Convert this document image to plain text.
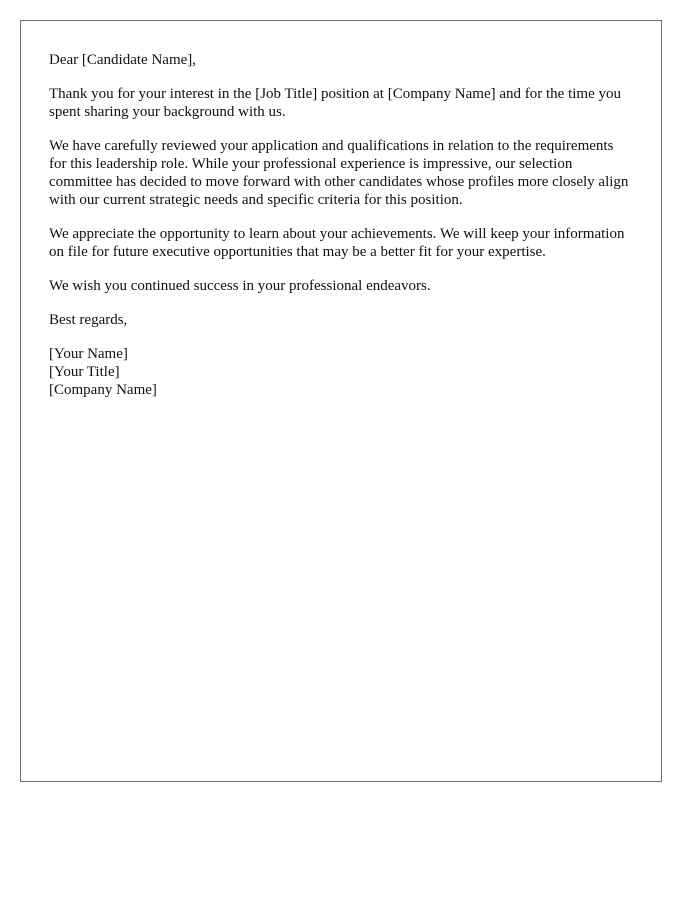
Dear [Candidate Name],

Thank you for your interest in the [Job Title] position at [Company Name] and for the time you spent sharing your background with us.

We have carefully reviewed your application and qualifications in relation to the requirements for this leadership role. While your professional experience is impressive, our selection committee has decided to move forward with other candidates whose profiles more closely align with our current strategic needs and specific criteria for this position.

We appreciate the opportunity to learn about your achievements. We will keep your information on file for future executive opportunities that may be a better fit for your expertise.

We wish you continued success in your professional endeavors.

Best regards,

[Your Name]
[Your Title]
[Company Name]
